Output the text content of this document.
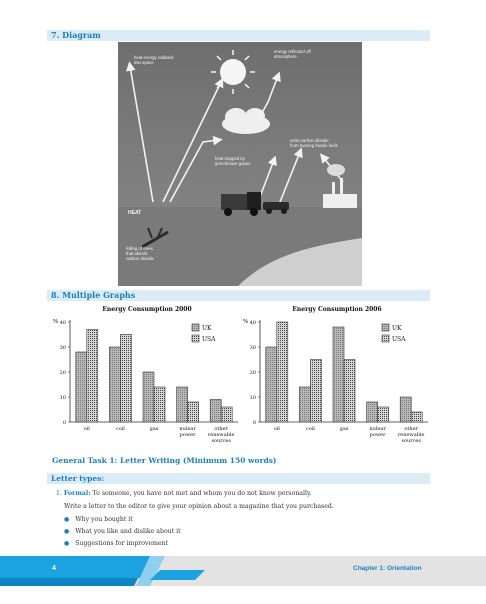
7. Diagram
heat energy radiated into space energy reflected off atmosphere extra carbon dioxide from burning fossile fuels heat trapped by greenhouse gases felling of trees that absorb carbon dioxide
HEAT
8. Multiple Graphs
Energy Consumption 2000
%
0
10
20
30
40
oil	coil	gas	nulear power
other renewable sources
UK
USA
Energy Consumption 2006
%
0
10
20
30
40
oil	coil	gas	nulear power
other renewable sources
UK
USA
General Task 1: Letter Writing (Minimum 150 words)
Letter types:
1. Formal: To someone, you have not met and whom you do not know personally.
Write a letter to the editor to give your opinion about a magazine that you purchased.
● Why you bought it
● What you like and dislike about it
● Suggestions for improvement
4	Chapter 1: Orientation
